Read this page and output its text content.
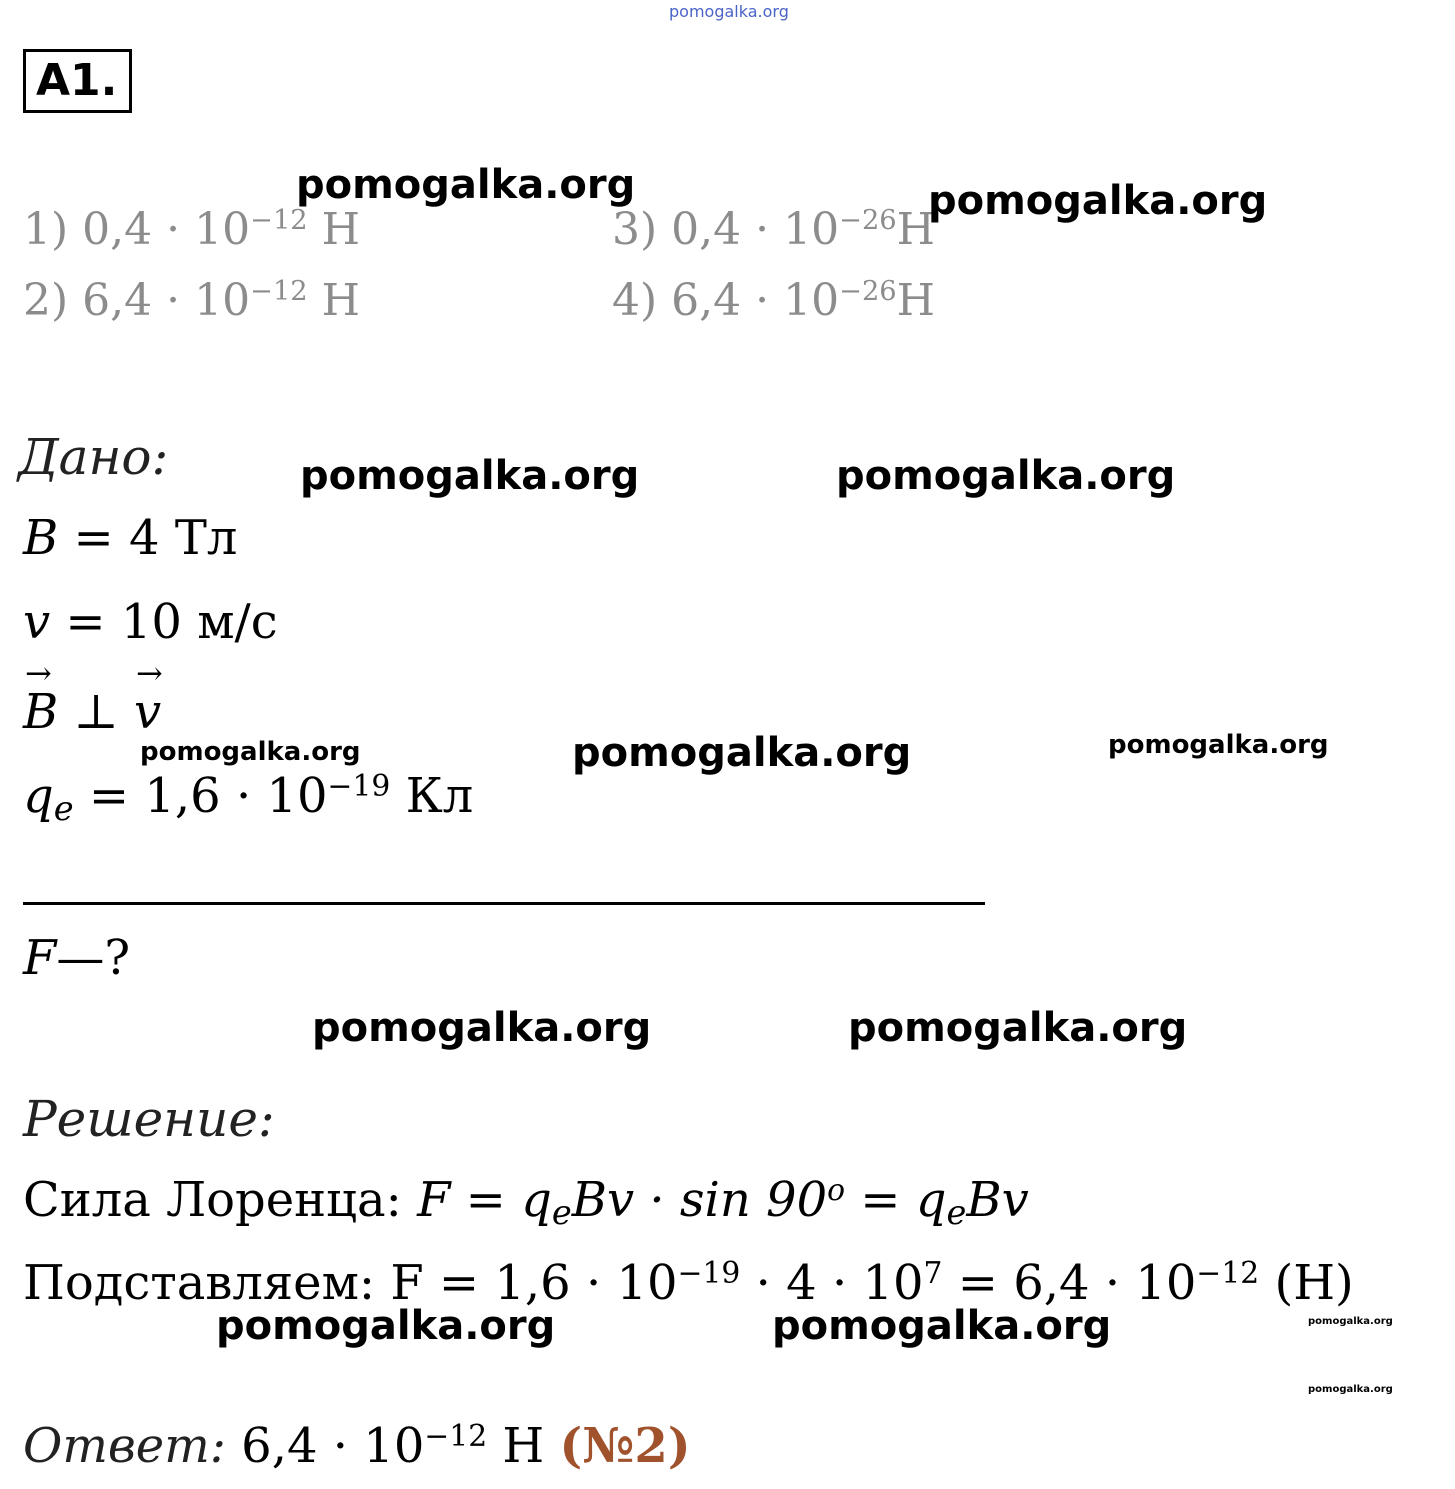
pomogalka.org
А1.
1) $0,4 \cdot 10^{-12}$ Н
2) $6,4 \cdot 10^{-12}$ Н
3) $0,4 \cdot 10^{-26}Н$
4) $6,4 \cdot 10^{-26}Н$
pomogalka.org	pomogalka.org
Дано:	pomogalka.org	pomogalka.org
B = 4 Тл
v = 10 м/с
→ B ⊥ → v
qe = $1,6 \cdot 10^{-19}$ Кл
pomogalka.org	pomogalka.org	pomogalka.org
F—?
pomogalka.org	pomogalka.org
Решение:
Сила Лоренца: F = qeBv · $\sin 90^o$ = qeBv
Подставляем: $F = 1,6 \cdot 10^{-19} \cdot 4 \cdot 10^7 = 6,4 \cdot 10^{-12}$ (Н)
pomogalka.org	pomogalka.org	pomogalka.org
pomogalka.org
Ответ: $6,4 \cdot 10^{-12}$ Н (№2)
